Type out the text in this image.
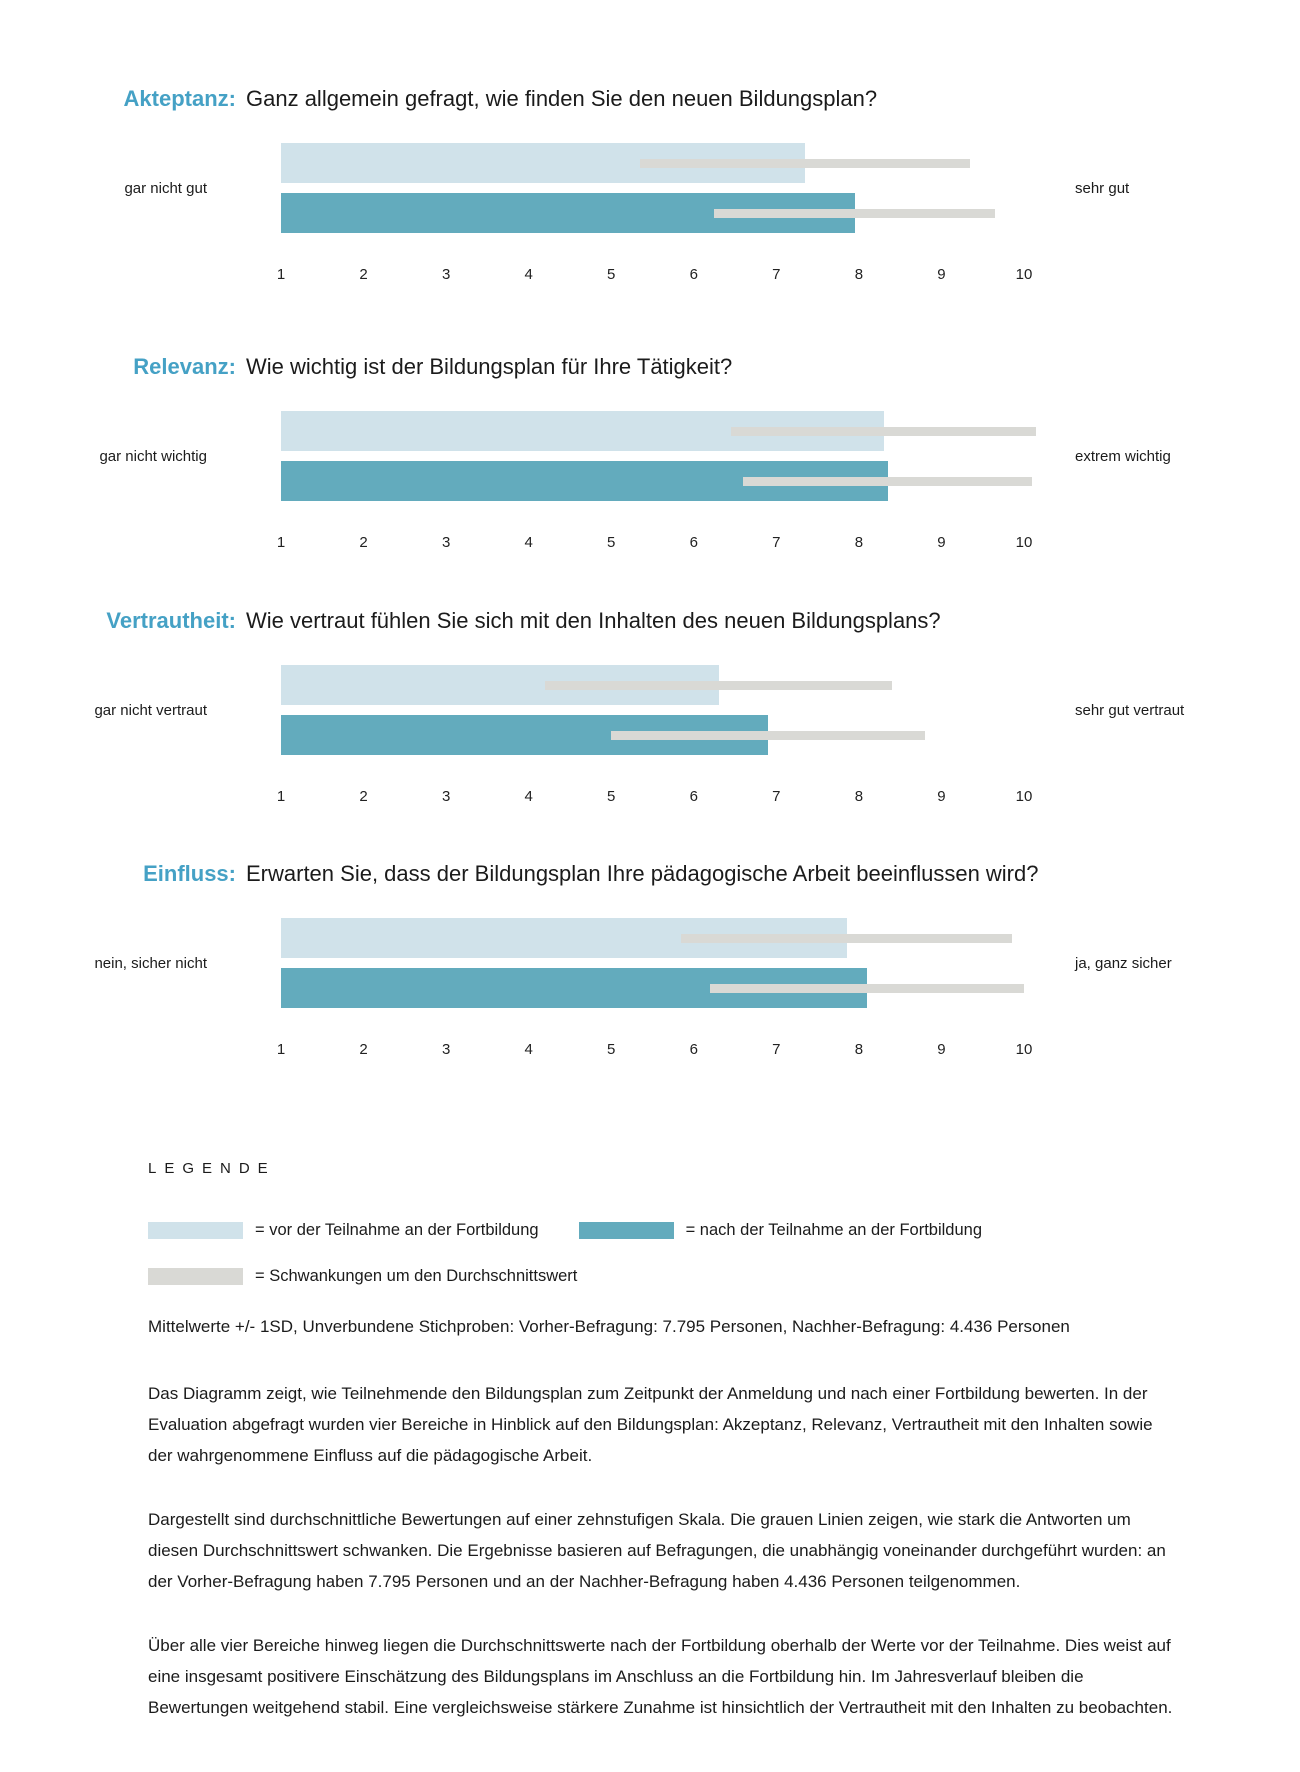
Akteptanz: Ganz allgemein gefragt, wie finden Sie den neuen Bildungsplan?
gar nicht gut
1	2	3	4	5	6	7	8	9	10
sehr gut
Relevanz: Wie wichtig ist der Bildungsplan für Ihre Tätigkeit?
gar nicht wichtig
1	2	3	4	5	6	7	8	9	10
extrem wichtig
Vertrautheit: Wie vertraut fühlen Sie sich mit den Inhalten des neuen Bildungsplans?
gar nicht vertraut
1	2	3	4	5	6	7	8	9	10
sehr gut vertraut
Einfluss: Erwarten Sie, dass der Bildungsplan Ihre pädagogische Arbeit beeinflussen wird?
nein, sicher nicht
1	2	3	4	5	6	7	8	9	10
ja, ganz sicher
LEGENDE
= vor der Teilnahme an der Fortbildung	= nach der Teilnahme an der Fortbildung
= Schwankungen um den Durchschnittswert
Mittelwerte +/- 1SD, Unverbundene Stichproben: Vorher-Befragung: 7.795 Personen, Nachher-Befragung: 4.436 Personen

Das Diagramm zeigt, wie Teilnehmende den Bildungsplan zum Zeitpunkt der Anmeldung und nach einer Fortbildung bewerten. In der Evaluation abgefragt wurden vier Bereiche in Hinblick auf den Bildungsplan: Akzeptanz, Relevanz, Vertrautheit mit den Inhalten sowie der wahrgenommene Einfluss auf die pädagogische Arbeit.

Dargestellt sind durchschnittliche Bewertungen auf einer zehnstufigen Skala. Die grauen Linien zeigen, wie stark die Antworten um diesen Durchschnittswert schwanken. Die Ergebnisse basieren auf Befragungen, die unabhängig voneinander durchgeführt wurden: an der Vorher-Befragung haben 7.795 Personen und an der Nachher-Befragung haben 4.436 Personen teilgenommen.

Über alle vier Bereiche hinweg liegen die Durchschnittswerte nach der Fortbildung oberhalb der Werte vor der Teilnahme. Dies weist auf eine insgesamt positivere Einschätzung des Bildungsplans im Anschluss an die Fortbildung hin. Im Jahresverlauf bleiben die Bewertungen weitgehend stabil. Eine vergleichsweise stärkere Zunahme ist hinsichtlich der Vertrautheit mit den Inhalten zu beobachten.
